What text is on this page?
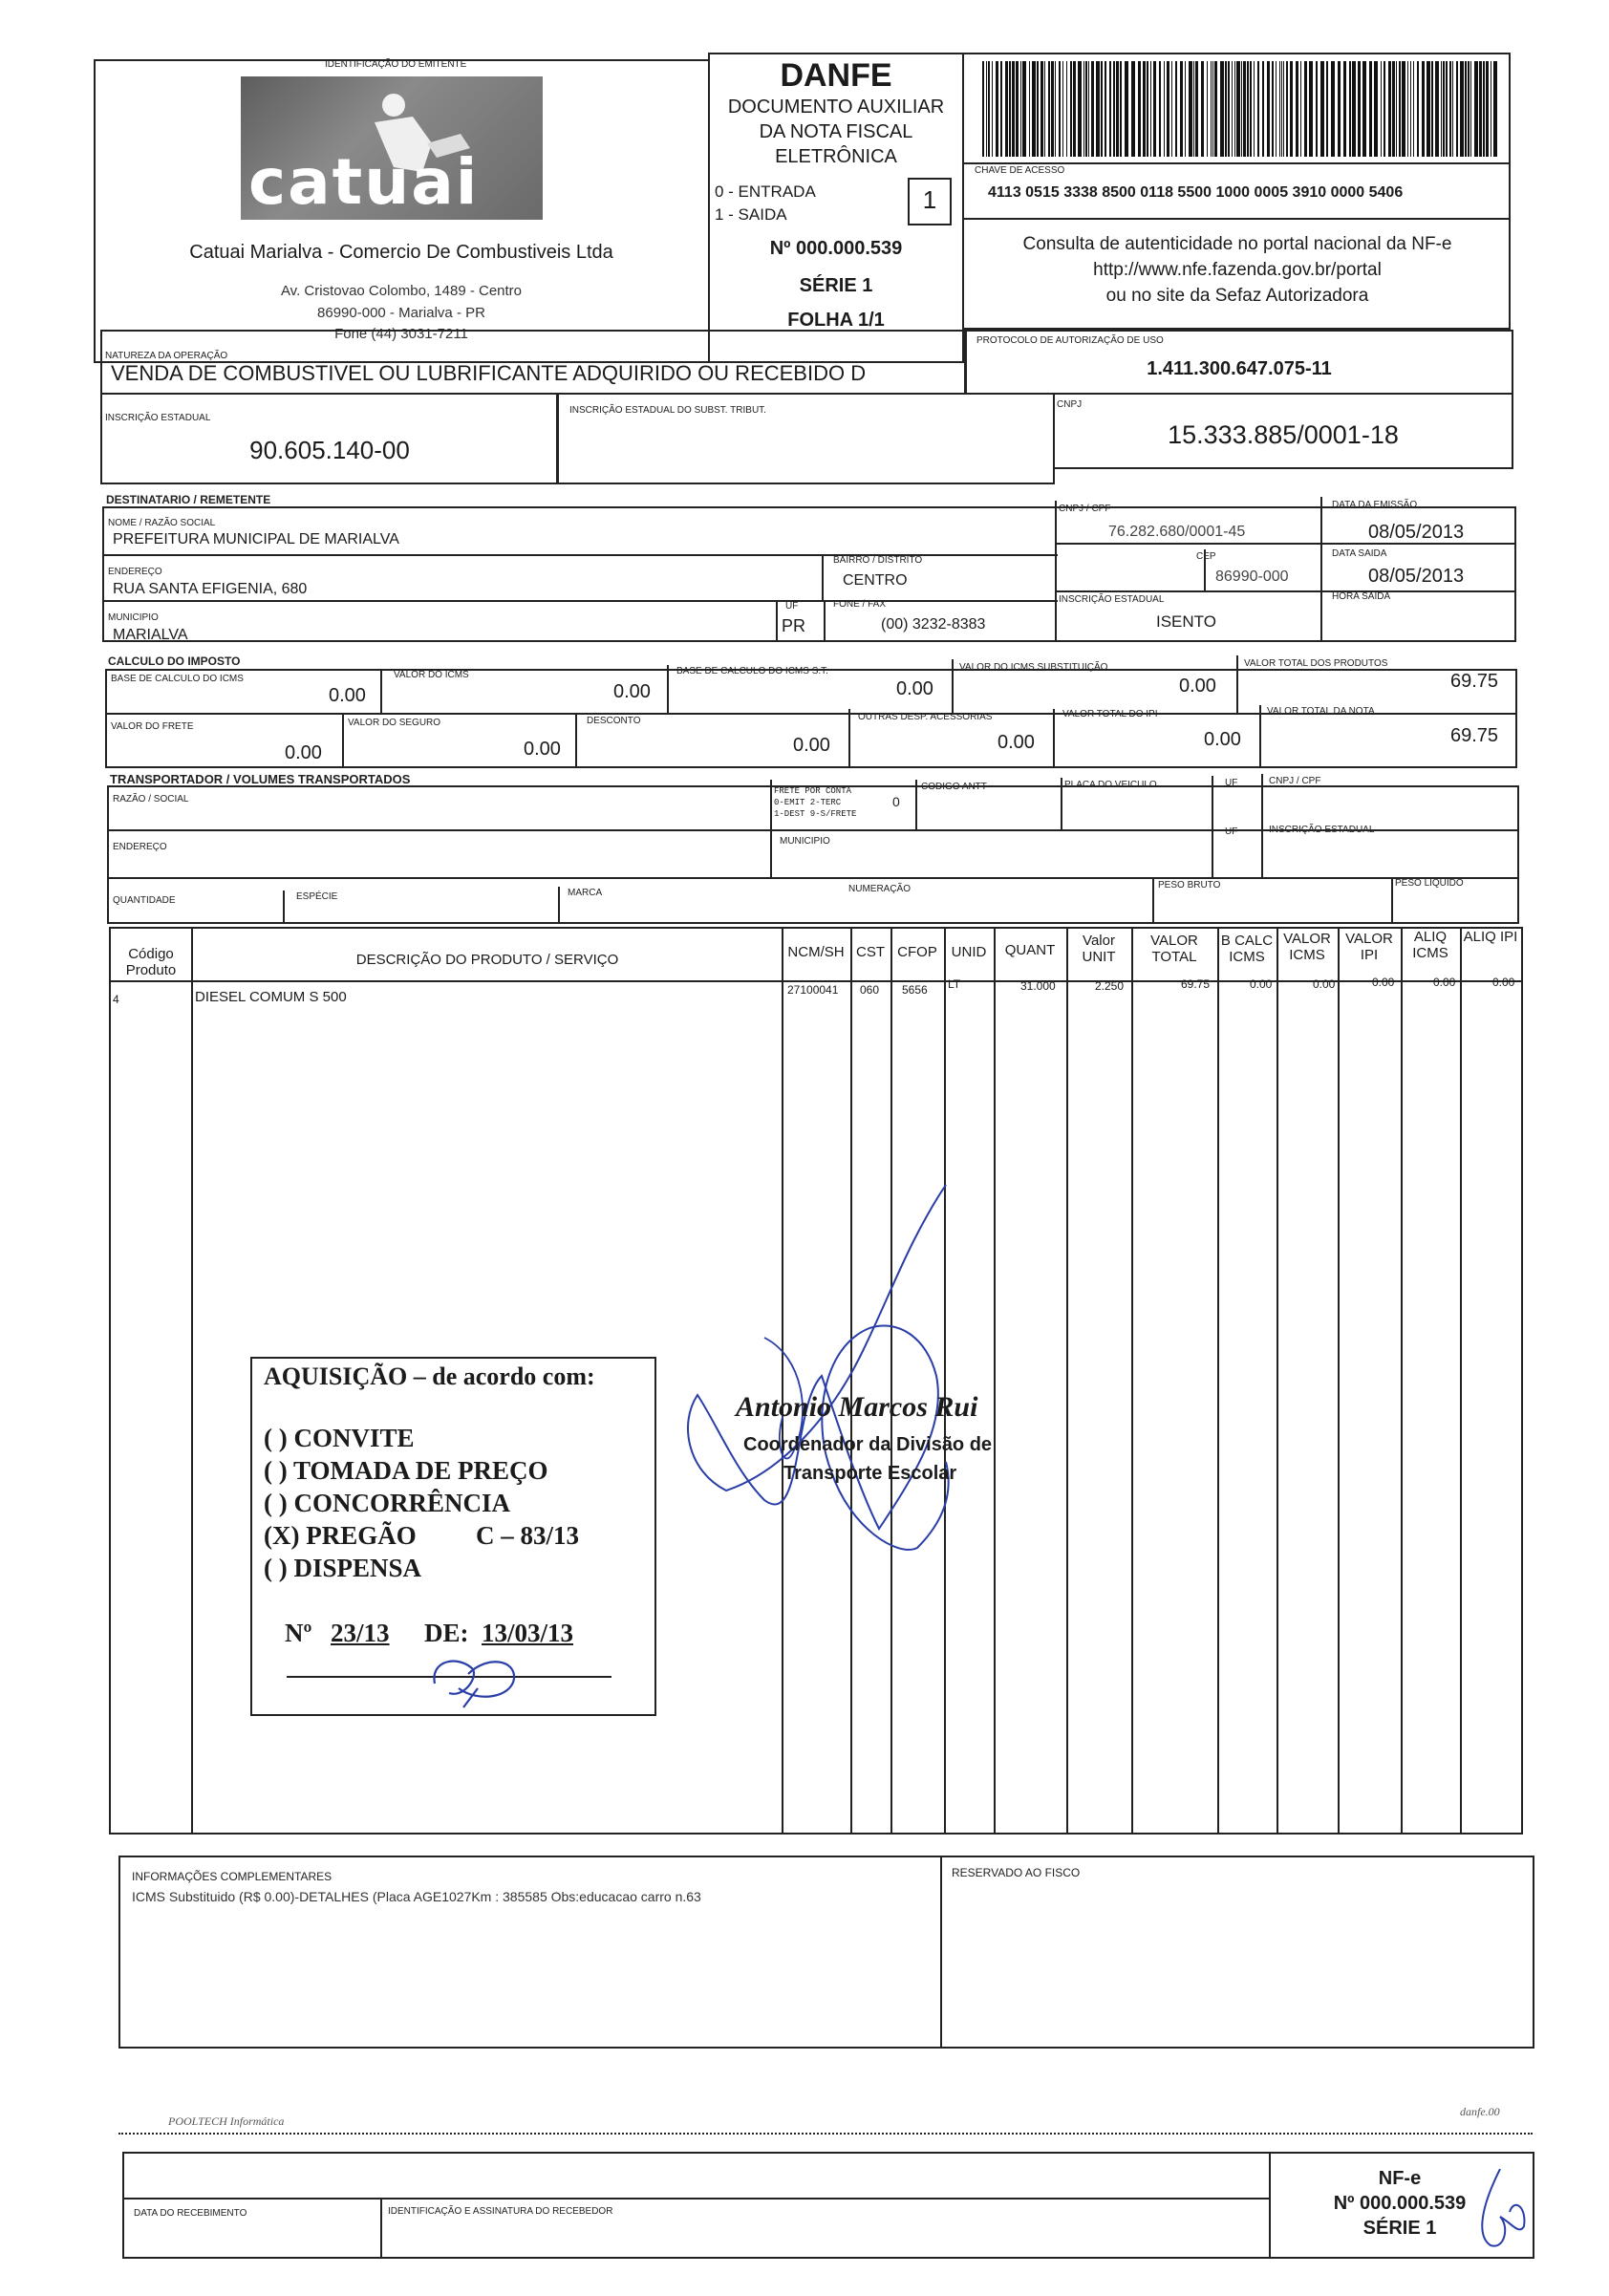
IDENTIFICAÇÃO DO EMITENTE
catuai
Catuai Marialva - Comercio De Combustiveis Ltda
Av. Cristovao Colombo, 1489 - Centro
86990-000 - Marialva - PR
Fone (44) 3031-7211
DANFE
DOCUMENTO AUXILIAR
DA NOTA FISCAL
ELETRÔNICA
0 - ENTRADA
1 - SAIDA
1
Nº 000.000.539
SÉRIE 1
FOLHA 1/1
CHAVE DE ACESSO
4113 0515 3338 8500 0118 5500 1000 0005 3910 0000 5406
Consulta de autenticidade no portal nacional da NF-e
http://www.nfe.fazenda.gov.br/portal
ou no site da Sefaz Autorizadora
NATUREZA DA OPERAÇÃO
VENDA DE COMBUSTIVEL OU LUBRIFICANTE ADQUIRIDO OU RECEBIDO D
PROTOCOLO DE AUTORIZAÇÃO DE USO
1.411.300.647.075-11
INSCRIÇÃO ESTADUAL
90.605.140-00
INSCRIÇÃO ESTADUAL DO SUBST. TRIBUT.
CNPJ
15.333.885/0001-18
DESTINATARIO / REMETENTE
NOME / RAZÃO SOCIAL
PREFEITURA MUNICIPAL DE MARIALVA
CNPJ / CPF
76.282.680/0001-45
DATA DA EMISSÃO
08/05/2013
ENDEREÇO
RUA SANTA EFIGENIA, 680
BAIRRO / DISTRITO
CENTRO
CEP
86990-000
DATA SAIDA
08/05/2013
MUNICIPIO
MARIALVA
UF
PR
FONE / FAX
(00) 3232-8383
INSCRIÇÃO ESTADUAL
ISENTO
HORA SAIDA
CALCULO DO IMPOSTO
BASE DE CALCULO DO ICMS
0.00
VALOR DO ICMS
0.00
BASE DE CALCULO DO ICMS S.T.
0.00
VALOR DO ICMS SUBSTITUIÇÃO
0.00
VALOR TOTAL DOS PRODUTOS
69.75
VALOR DO FRETE
0.00
VALOR DO SEGURO
0.00
DESCONTO
0.00
OUTRAS DESP. ACESSORIAS
0.00
VALOR TOTAL DO IPI
0.00
VALOR TOTAL DA NOTA
69.75
TRANSPORTADOR / VOLUMES TRANSPORTADOS
RAZÃO / SOCIAL
FRETE POR CONTA
0-EMIT 2-TERC
1-DEST 9-S/FRETE
0
CODIGO ANTT	PLACA DO VEICULO	UF	CNPJ / CPF
ENDEREÇO
MUNICIPIO
UF	INSCRIÇÃO ESTADUAL
QUANTIDADE	ESPÉCIE	MARCA	NUMERAÇÃO	PESO BRUTO	PESO LIQUIDO
Código Produto
DESCRIÇÃO DO PRODUTO / SERVIÇO	NCM/SH CST CFOP UNID	QUANT
Valor UNIT
VALOR TOTAL
B CALC ICMS
VALOR ICMS
VALOR IPI
ALIQ ICMS
ALIQ IPI
4	DIESEL COMUM S 500	27100041 060 5656 LT	31.000	2.250	69.75	0.00	0.00	0.00	0.00	0.00
AQUISIÇÃO – de acordo com:
( ) CONVITE
( ) TOMADA DE PREÇO
( ) CONCORRÊNCIA
(X) PREGÃO C – 83/13
( ) DISPENSA
Nº 23/13 DE: 13/03/13
Antonio Marcos Rui
Coordenador da Divisão de
Transporte Escolar
INFORMAÇÕES COMPLEMENTARES
ICMS Substituido (R$ 0.00)-DETALHES (Placa AGE1027Km : 385585 Obs:educacao carro n.63
RESERVADO AO FISCO
POOLTECH Informática
danfe.00
DATA DO RECEBIMENTO	IDENTIFICAÇÃO E ASSINATURA DO RECEBEDOR
NF-e
Nº 000.000.539
SÉRIE 1
